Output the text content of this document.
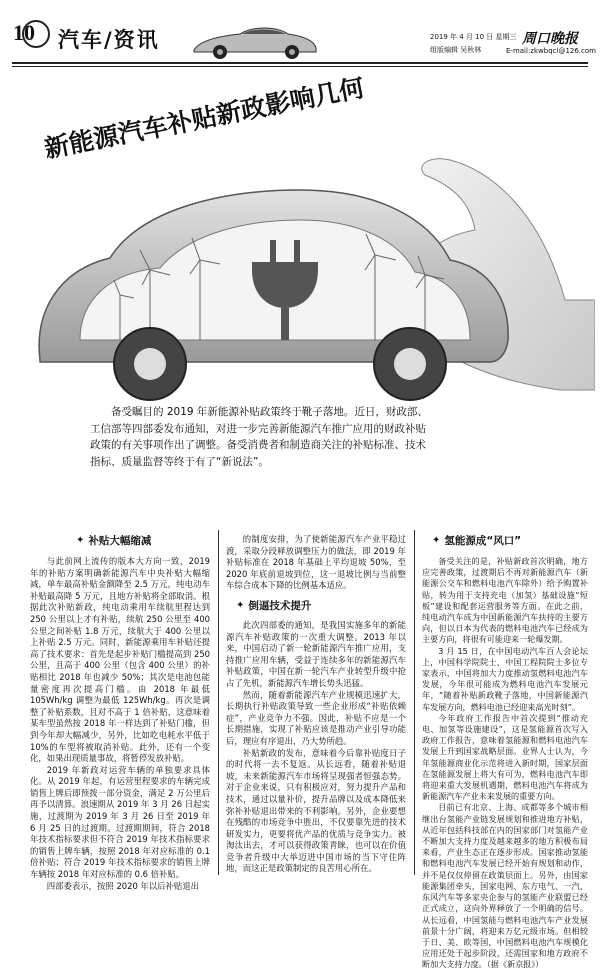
10 汽车/资讯	2019 年 4 月 10 日 星期三
组版编辑 吴秋林
周口晚报
E-mail:zkwbqcl@126.com
新能源汽车补贴新政影响几何
备受瞩目的 2019 年新能源补贴政策终于靴子落地。近日，财政部、工信部等四部委发布通知，对进一步完善新能源汽车推广应用的财政补贴政策的有关事项作出了调整。备受消费者和制造商关注的补贴标准、技术指标、质量监督等终于有了“新说法”。
✦ 补贴大幅缩减

与此前网上流传的版本大方向一致，2019 年的补贴方案明确新能源汽车中央补贴大幅缩减，单车最高补贴金额降至 2.5 万元，纯电动车补贴最高降 5 万元，且地方补贴将全部取消。根据此次补贴新政，纯电动乘用车续航里程达到 250 公里以上才有补贴，续航 250 公里至 400 公里之间补贴 1.8 万元，续航大于 400 公里以上补贴 2.5 万元。同时，新能源乘用车补贴还提高了技术要求：首先是起步补贴门槛提高到 250 公里，且高于 400 公里（包含 400 公里）的补贴相比 2018 年也减少 50%；其次是电池包能量密度再次提高门槛。由 2018 年最低 105Wh/kg 调整为最低 125Wh/kg。再次是调整了补贴系数，且对不高于 1 倍补贴，这意味着某车型虽然按 2018 年一样达到了补贴门槛，但到今年却大幅减少，另外，比如吃电耗水平低于 10%的车型将被取消补贴。此外，还有一个变化，如果出现质量事故，将暂停发放补贴。

2019 年新政对运营车辆的单独要求具体化。从 2019 年起，有运营里程要求的车辆完成销售上牌后即预拨一部分资金，满足 2 万公里后再予以清算。浪速期从 2019 年 3 月 26 日起实施，过渡期为 2019 年 3 月 26 日至 2019 年 6 月 25 日的过渡期。过渡期期间，符合 2018 年技术指标要求但不符合 2019 年技术指标要求的销售上牌车辆，按照 2018 年对应标准的 0.1 倍补贴；符合 2019 年技术指标要求的销售上牌车辆按 2018 年对应标准的 0.6 倍补贴。

四部委表示，按照 2020 年以后补贴退出

的制度安排，为了使新能源汽车产业平稳过渡，采取分段释放调整压力的做法，即 2019 年补贴标准在 2018 年基础上平均退坡 50%，至 2020 年底前退坡到位，这一退坡比例与当前整车综合成本下降的比例基本适应。

✦ 倒逼技术提升

此次四部委的通知，是我国实施多年的新能源汽车补贴政策的一次重大调整。2013 年以来，中国启动了新一轮新能源汽车推广应用，支持推广应用车辆，受益于连续多年的新能源汽车补贴政策，中国在新一轮汽车产业转型升级中抢占了先机，新能源汽车增长势头迅猛。

然而，随着新能源汽车产业规模迅速扩大，长期执行补贴政策导致一些企业形成“补贴依赖症”，产业竞争力不强。因此，补贴不应是一个长期措施，实现了补贴应该是推动产业引导功能后，理应有序退出，乃大势所趋。

补贴新政的发布，意味着今后靠补贴度日子的时代将一去不复返。从长远看，随着补贴退坡，未来新能源汽车市场将呈现强者恒强态势。对于企业来说，只有积极应对，努力提升产品和技术，通过以量补价，提升品牌以及成本降低来弥补补贴退出带来的不利影响。另外，企业要想在残酷的市场竞争中胜出，不仅要靠先进的技术研发实力，更要将优产品的优质与竞争实力。被淘汰出去，才可以获得政策青睐，也可以在价值竞争者升级中大举迈进中国市场的当下守住阵地，而这正是政策制定的良苦用心所在。

✦ 氢能源成“风口”

备受关注的是，补贴新政首次明确，地方应完善政策，过渡期后不再对新能源汽车（新能源公交车和燃料电池汽车除外）给予购置补贴，转为用于支持充电（加氢）基础设施“短板”建设和配套运营服务等方面。在此之前，纯电动汽车成为中国新能源汽车扶持的主要方向，但以日本为代表的燃料电池汽车已经成为主要方向，将很有可能迎来一轮爆发期。

3 月 15 日，在中国电动汽车百人会论坛上，中国科学院院士、中国工程院院士多位专家表示，中国将加大力度推动氢燃料电池汽车发展，今年很可能成为燃料电池汽车发展元年，“随着补贴新政靴子落地，中国新能源汽车发展方向，燃料电池已经迎来高光时刻”。

今年政府工作报告中首次提到“推动充电、加氢等设施建设”，这是氢能源首次写入政府工作报告，意味着氢能源和燃料电池汽车发展上升到国家战略层面。业界人士认为，今年氢能源商业化示范将进入新时期，国家层面在氢能源发展上将大有可为，燃料电池汽车即将迎来重大发展机遇期，燃料电池汽车将成为新能源汽车产业未来发展的重要方向。

目前已有北京、上海、成都等多个城市相继出台氢能产业链发展规划和推进地方补贴，从近年包括科技部在内的国家部门对氢能产业不断加大支持力度及越来越多的地方积极布局来看，产业生态正在逐步形成。国家推动氢能和燃料电池汽车发展已经开始有规划和动作，并不是仅仅停留在政策层面上。另外，由国家能源集团牵头，国家电网、东方电气、一汽、东风汽车等多家央企参与的氢能产业联盟已经正式成立，这向外界释放了一个明确的信号。从长远看，中国氢能与燃料电池汽车产业发展前景十分广阔，将迎来万亿元级市场。但相较于日、美、欧等国，中国燃料电池汽车规模化应用还处于起步阶段，还需国家和地方政府不断加大支持力度。（据《新京报》）
